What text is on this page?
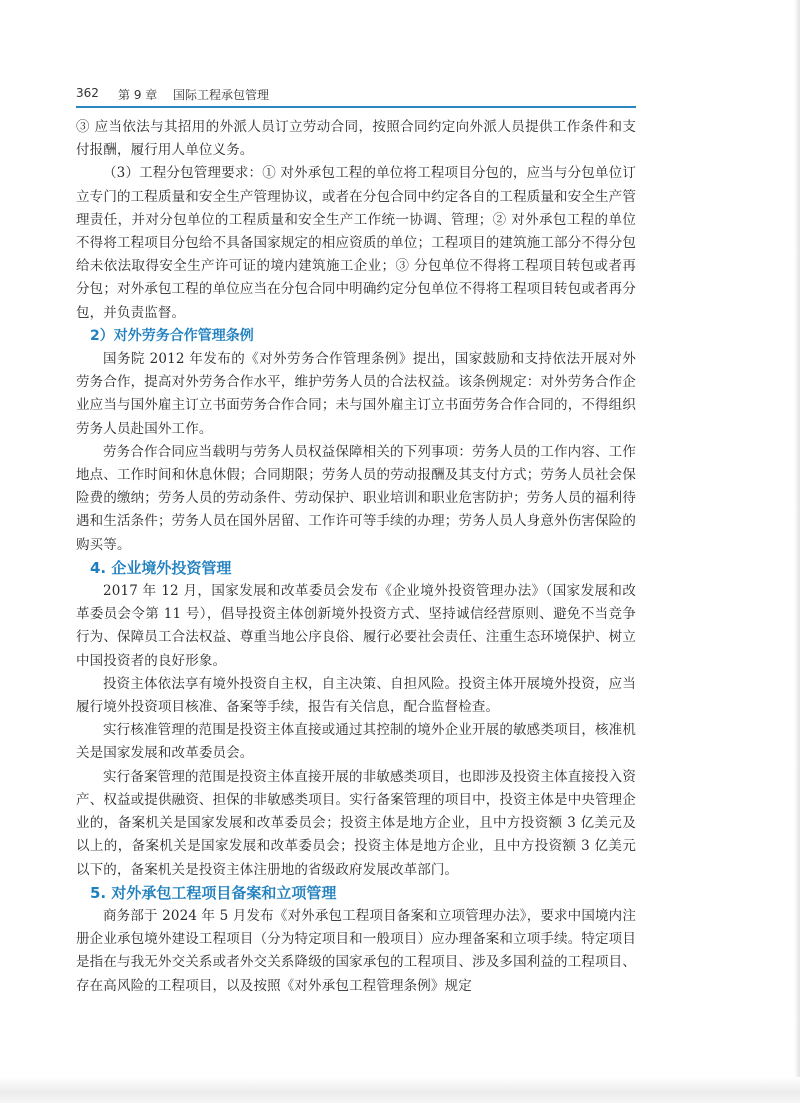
362 第 9 章 国际工程承包管理

③ 应当依法与其招用的外派人员订立劳动合同，按照合同约定向外派人员提供工作条件和支付报酬，履行用人单位义务。

（3）工程分包管理要求：① 对外承包工程的单位将工程项目分包的，应当与分包单位订立专门的工程质量和安全生产管理协议，或者在分包合同中约定各自的工程质量和安全生产管理责任，并对分包单位的工程质量和安全生产工作统一协调、管理；② 对外承包工程的单位不得将工程项目分包给不具备国家规定的相应资质的单位；工程项目的建筑施工部分不得分包给未依法取得安全生产许可证的境内建筑施工企业；③ 分包单位不得将工程项目转包或者再分包；对外承包工程的单位应当在分包合同中明确约定分包单位不得将工程项目转包或者再分包，并负责监督。

2）对外劳务合作管理条例

国务院 2012 年发布的《对外劳务合作管理条例》提出，国家鼓励和支持依法开展对外劳务合作，提高对外劳务合作水平，维护劳务人员的合法权益。该条例规定：对外劳务合作企业应当与国外雇主订立书面劳务合作合同；未与国外雇主订立书面劳务合作合同的，不得组织劳务人员赴国外工作。

劳务合作合同应当载明与劳务人员权益保障相关的下列事项：劳务人员的工作内容、工作地点、工作时间和休息休假；合同期限；劳务人员的劳动报酬及其支付方式；劳务人员社会保险费的缴纳；劳务人员的劳动条件、劳动保护、职业培训和职业危害防护；劳务人员的福利待遇和生活条件；劳务人员在国外居留、工作许可等手续的办理；劳务人员人身意外伤害保险的购买等。

4. 企业境外投资管理

2017 年 12 月，国家发展和改革委员会发布《企业境外投资管理办法》（国家发展和改革委员会令第 11 号），倡导投资主体创新境外投资方式、坚持诚信经营原则、避免不当竞争行为、保障员工合法权益、尊重当地公序良俗、履行必要社会责任、注重生态环境保护、树立中国投资者的良好形象。

投资主体依法享有境外投资自主权，自主决策、自担风险。投资主体开展境外投资，应当履行境外投资项目核准、备案等手续，报告有关信息，配合监督检查。

实行核准管理的范围是投资主体直接或通过其控制的境外企业开展的敏感类项目，核准机关是国家发展和改革委员会。

实行备案管理的范围是投资主体直接开展的非敏感类项目，也即涉及投资主体直接投入资产、权益或提供融资、担保的非敏感类项目。实行备案管理的项目中，投资主体是中央管理企业的，备案机关是国家发展和改革委员会；投资主体是地方企业，且中方投资额 3 亿美元及以上的，备案机关是国家发展和改革委员会；投资主体是地方企业，且中方投资额 3 亿美元以下的，备案机关是投资主体注册地的省级政府发展改革部门。

5. 对外承包工程项目备案和立项管理

商务部于 2024 年 5 月发布《对外承包工程项目备案和立项管理办法》，要求中国境内注册企业承包境外建设工程项目（分为特定项目和一般项目）应办理备案和立项手续。特定项目是指在与我无外交关系或者外交关系降级的国家承包的工程项目、涉及多国利益的工程项目、存在高风险的工程项目，以及按照《对外承包工程管理条例》规定
